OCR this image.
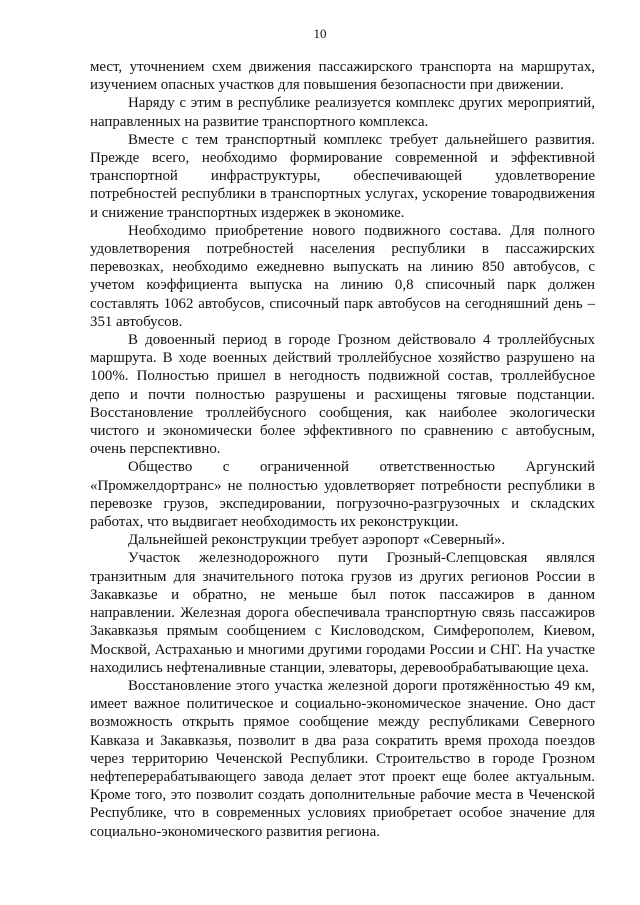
10

мест, уточнением схем движения пассажирского транспорта на маршрутах, изучением опасных участков для повышения безопасности при движении.

Наряду с этим в республике реализуется комплекс других мероприятий, направленных на развитие транспортного комплекса.

Вместе с тем транспортный комплекс требует дальнейшего развития. Прежде всего, необходимо формирование современной и эффективной транспортной инфраструктуры, обеспечивающей удовлетворение потребностей республики в транспортных услугах, ускорение товародвижения и снижение транспортных издержек в экономике.

Необходимо приобретение нового подвижного состава. Для полного удовлетворения потребностей населения республики в пассажирских перевозках, необходимо ежедневно выпускать на линию 850 автобусов, с учетом коэффициента выпуска на линию 0,8 списочный парк должен составлять 1062 автобусов, списочный парк автобусов на сегодняшний день –351 автобусов.

В довоенный период в городе Грозном действовало 4 троллейбусных маршрута. В ходе военных действий троллейбусное хозяйство разрушено на 100%. Полностью пришел в негодность подвижной состав, троллейбусное депо и почти полностью разрушены и расхищены тяговые подстанции. Восстановление троллейбусного сообщения, как наиболее экологически чистого и экономически более эффективного по сравнению с автобусным, очень перспективно.

Общество с ограниченной ответственностью Аргунский «Промжелдортранс» не полностью удовлетворяет потребности республики в перевозке грузов, экспедировании, погрузочно-разгрузочных и складских работах, что выдвигает необходимость их реконструкции.

Дальнейшей реконструкции требует аэропорт «Северный».

Участок железнодорожного пути Грозный-Слепцовская являлся транзитным для значительного потока грузов из других регионов России в Закавказье и обратно, не меньше был поток пассажиров в данном направлении. Железная дорога обеспечивала транспортную связь пассажиров Закавказья прямым сообщением с Кисловодском, Симферополем, Киевом, Москвой, Астраханью и многими другими городами России и СНГ. На участке находились нефтеналивные станции, элеваторы, деревообрабатывающие цеха.

Восстановление этого участка железной дороги протяжённостью 49 км, имеет важное политическое и социально-экономическое значение. Оно даст возможность открыть прямое сообщение между республиками Северного Кавказа и Закавказья, позволит в два раза сократить время прохода поездов через территорию Чеченской Республики. Строительство в городе Грозном нефтеперерабатывающего завода делает этот проект еще более актуальным. Кроме того, это позволит создать дополнительные рабочие места в Чеченской Республике, что в современных условиях приобретает особое значение для социально-экономического развития региона.
